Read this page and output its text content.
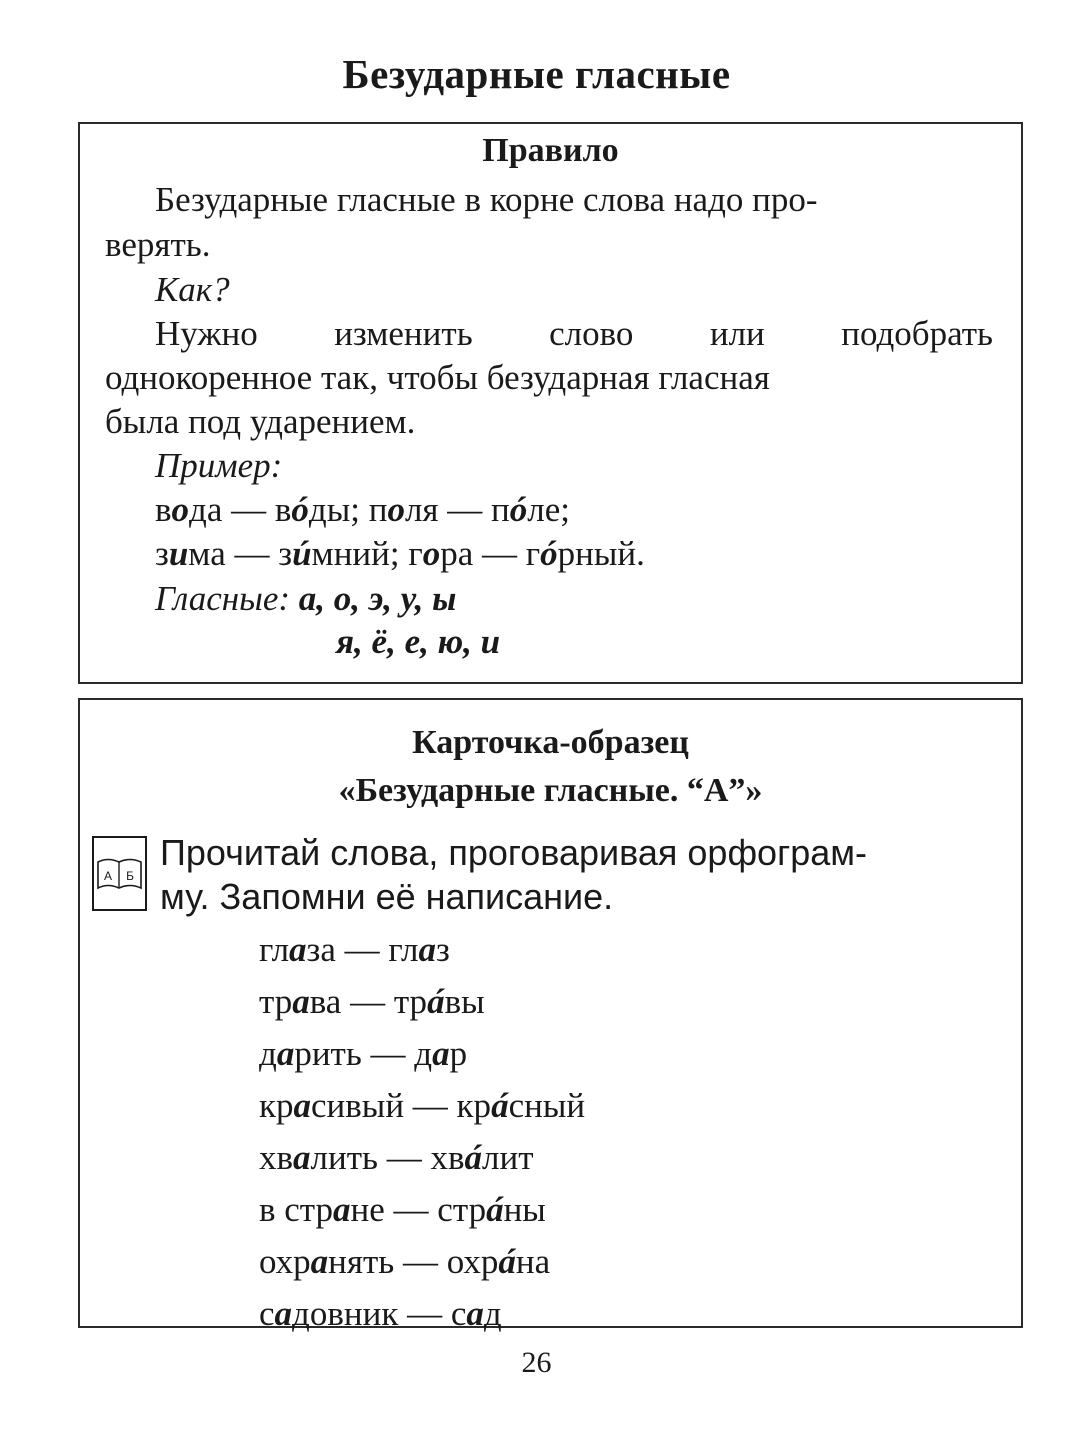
Безударные гласные
Правило
Безударные гласные в корне слова надо про-
верять.
Как?
Нужно изменить слово или подобрать
однокоренное так, чтобы безударная гласная
была под ударением.
Пример:
вода — вóды; поля — пóле;
зима — зúмний; гора — гóрный.
Гласные: а, о, э, у, ы
я, ё, е, ю, и
Карточка-образец
«Безударные гласные. “А”»
А Б
Прочитай слова, проговаривая орфограм-
му. Запомни её написание.
глаза — глаз
трава — трáвы
дарить — дар
красивый — крáсный
хвалить — хвáлит
в стране — стрáны
охранять — охрáна
садовник — сад
26
